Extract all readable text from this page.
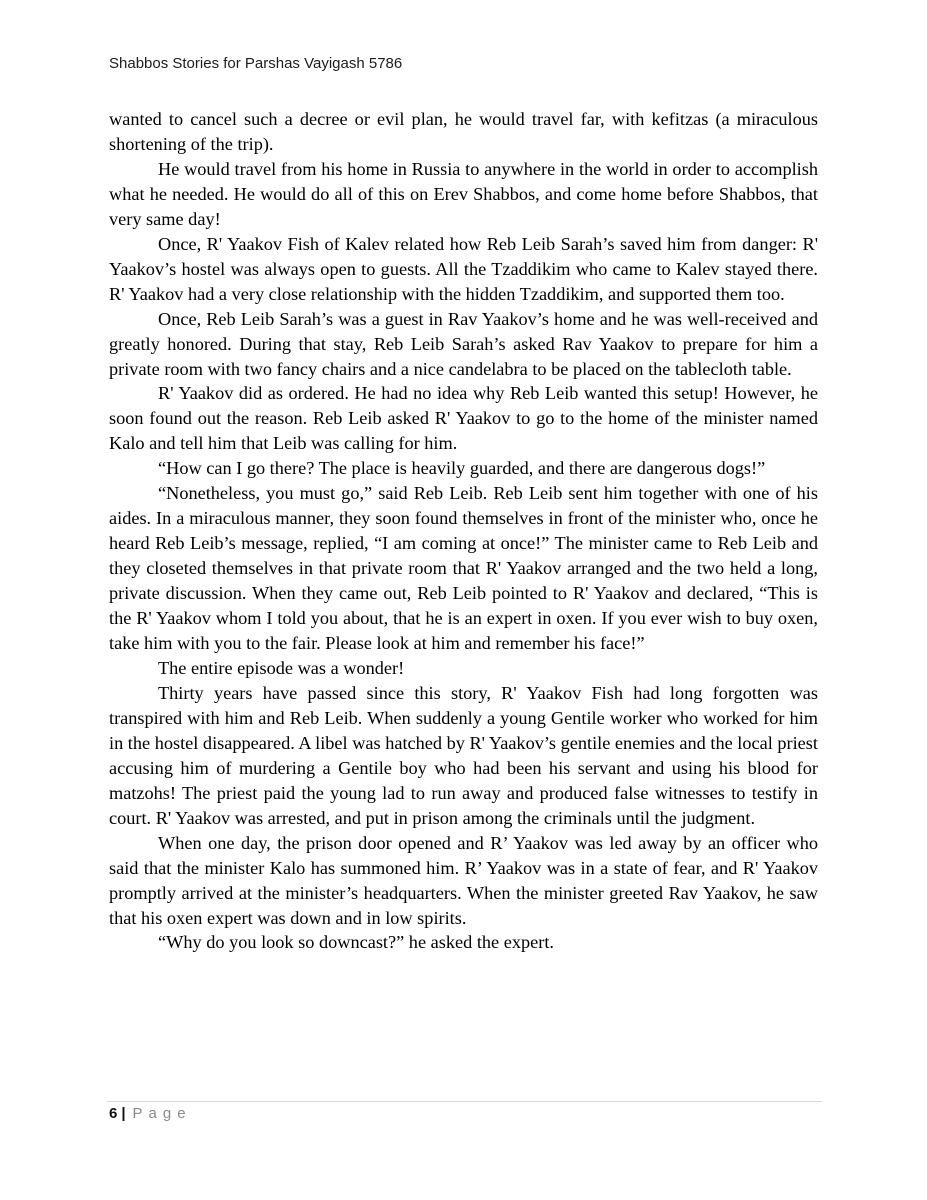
Shabbos Stories for Parshas Vayigash 5786

wanted to cancel such a decree or evil plan, he would travel far, with kefitzas (a miraculous shortening of the trip).

He would travel from his home in Russia to anywhere in the world in order to accomplish what he needed. He would do all of this on Erev Shabbos, and come home before Shabbos, that very same day!

Once, R' Yaakov Fish of Kalev related how Reb Leib Sarah’s saved him from danger: R' Yaakov’s hostel was always open to guests. All the Tzaddikim who came to Kalev stayed there. R' Yaakov had a very close relationship with the hidden Tzaddikim, and supported them too.

Once, Reb Leib Sarah’s was a guest in Rav Yaakov’s home and he was well-received and greatly honored. During that stay, Reb Leib Sarah’s asked Rav Yaakov to prepare for him a private room with two fancy chairs and a nice candelabra to be placed on the tablecloth table.

R' Yaakov did as ordered. He had no idea why Reb Leib wanted this setup! However, he soon found out the reason. Reb Leib asked R' Yaakov to go to the home of the minister named Kalo and tell him that Leib was calling for him.

“How can I go there? The place is heavily guarded, and there are dangerous dogs!”

“Nonetheless, you must go,” said Reb Leib. Reb Leib sent him together with one of his aides. In a miraculous manner, they soon found themselves in front of the minister who, once he heard Reb Leib’s message, replied, “I am coming at once!” The minister came to Reb Leib and they closeted themselves in that private room that R' Yaakov arranged and the two held a long, private discussion. When they came out, Reb Leib pointed to R' Yaakov and declared, “This is the R' Yaakov whom I told you about, that he is an expert in oxen. If you ever wish to buy oxen, take him with you to the fair. Please look at him and remember his face!”

The entire episode was a wonder!

Thirty years have passed since this story, R' Yaakov Fish had long forgotten was transpired with him and Reb Leib. When suddenly a young Gentile worker who worked for him in the hostel disappeared. A libel was hatched by R' Yaakov’s gentile enemies and the local priest accusing him of murdering a Gentile boy who had been his servant and using his blood for matzohs! The priest paid the young lad to run away and produced false witnesses to testify in court. R' Yaakov was arrested, and put in prison among the criminals until the judgment.

When one day, the prison door opened and R’ Yaakov was led away by an officer who said that the minister Kalo has summoned him. R’ Yaakov was in a state of fear, and R' Yaakov promptly arrived at the minister’s headquarters. When the minister greeted Rav Yaakov, he saw that his oxen expert was down and in low spirits.

“Why do you look so downcast?” he asked the expert.

6 | Page
